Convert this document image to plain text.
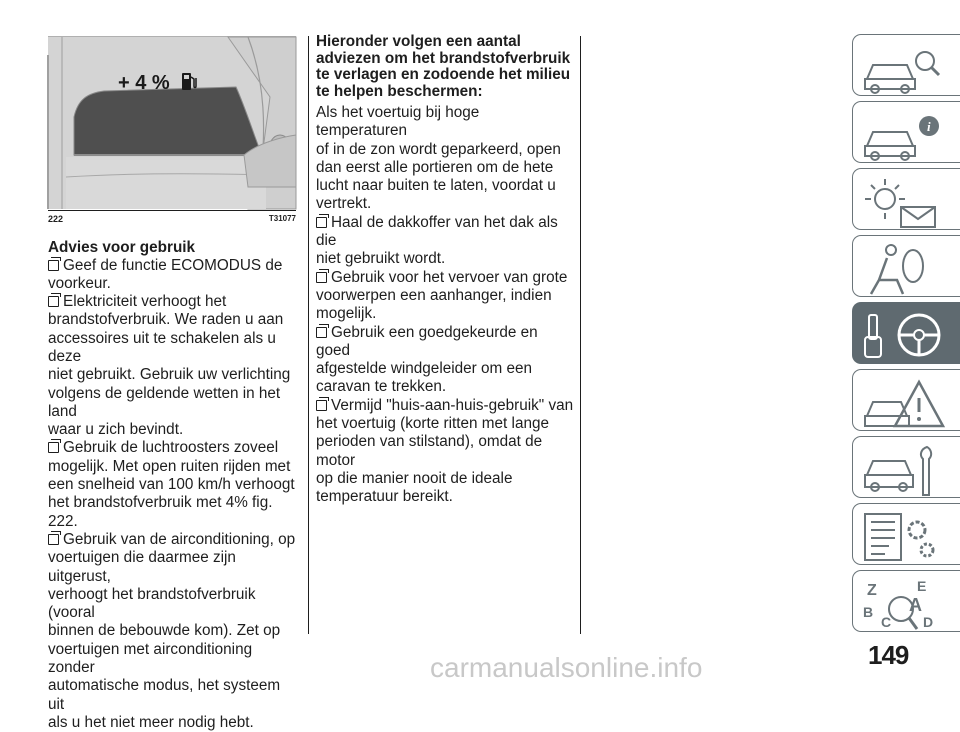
+ 4 %
222	T31077
Advies voor gebruik
Geef de functie ECOMODUS de
voorkeur.
Elektriciteit verhoogt het
brandstofverbruik. We raden u aan
accessoires uit te schakelen als u deze
niet gebruikt. Gebruik uw verlichting
volgens de geldende wetten in het land
waar u zich bevindt.
Gebruik de luchtroosters zoveel
mogelijk. Met open ruiten rijden met
een snelheid van 100 km/h verhoogt
het brandstofverbruik met 4% fig. 222.
Gebruik van de airconditioning, op
voertuigen die daarmee zijn uitgerust,
verhoogt het brandstofverbruik (vooral
binnen de bebouwde kom). Zet op
voertuigen met airconditioning zonder
automatische modus, het systeem uit
als u het niet meer nodig hebt.
Hieronder volgen een aantal
adviezen om het brandstofverbruik
te verlagen en zodoende het milieu
te helpen beschermen:
Als het voertuig bij hoge temperaturen
of in de zon wordt geparkeerd, open
dan eerst alle portieren om de hete
lucht naar buiten te laten, voordat u
vertrekt.
Haal de dakkoffer van het dak als die
niet gebruikt wordt.
Gebruik voor het vervoer van grote
voorwerpen een aanhanger, indien
mogelijk.
Gebruik een goedgekeurde en goed
afgestelde windgeleider om een
caravan te trekken.
Vermijd "huis-aan-huis-gebruik" van
het voertuig (korte ritten met lange
perioden van stilstand), omdat de motor
op die manier nooit de ideale
temperatuur bereikt.
i
Z	E
B A
C D
149
carmanualsonline.info
